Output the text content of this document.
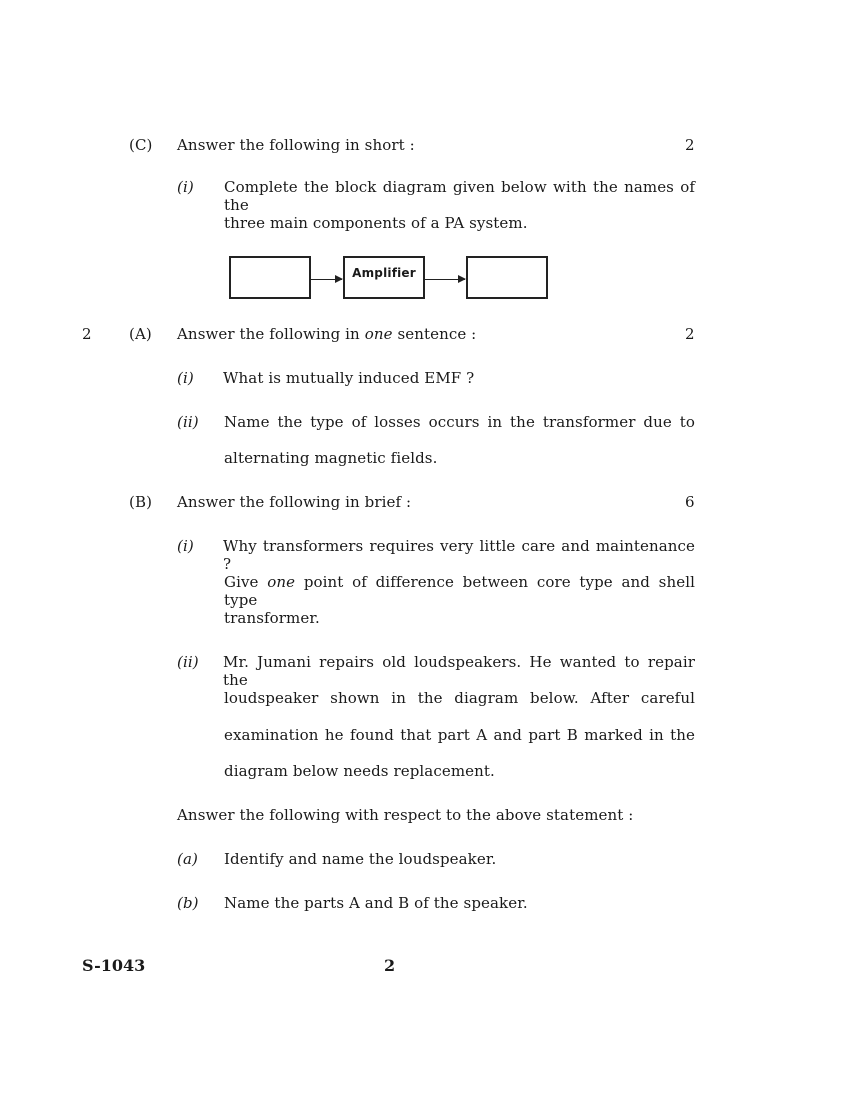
(C) Answer the following in short :	2
(i) Complete the block diagram given below with the names of the
three main components of a PA system.
Amplifier
2 (A) Answer the following in one sentence :	2
(i) What is mutually induced EMF ?
(ii) Name the type of losses occurs in the transformer due to
alternating magnetic fields.
(B) Answer the following in brief :	6
(i) Why transformers requires very little care and maintenance ?
Give one point of difference between core type and shell type
transformer.
(ii) Mr. Jumani repairs old loudspeakers. He wanted to repair the
loudspeaker shown in the diagram below. After careful
examination he found that part A and part B marked in the
diagram below needs replacement.
Answer the following with respect to the above statement :
(a) Identify and name the loudspeaker.
(b) Name the parts A and B of the speaker.
S-1043	2
